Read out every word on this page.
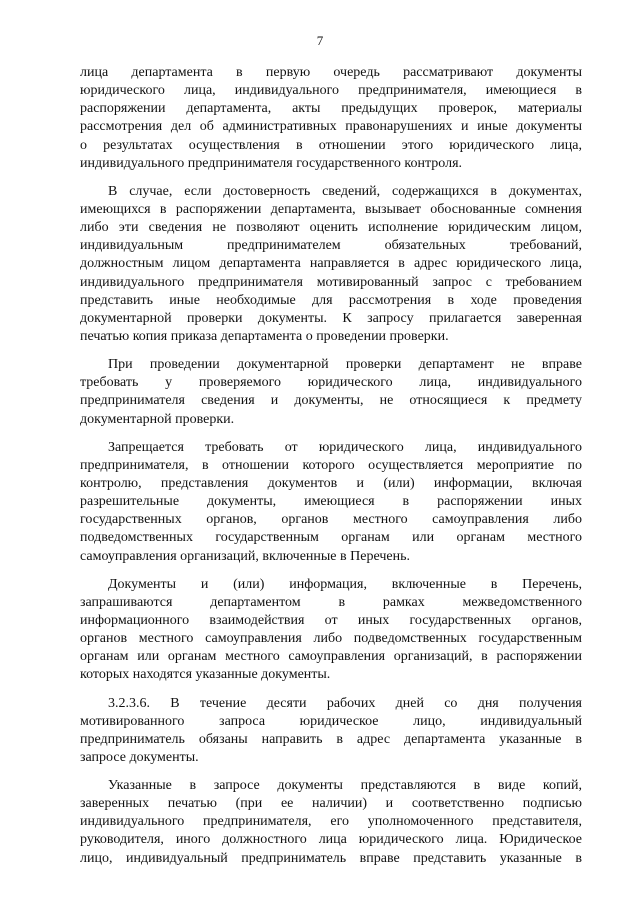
7
лица департамента в первую очередь рассматривают документы
юридического лица, индивидуального предпринимателя, имеющиеся в
распоряжении департамента, акты предыдущих проверок, материалы
рассмотрения дел об административных правонарушениях и иные документы
о результатах осуществления в отношении этого юридического лица,
индивидуального предпринимателя государственного контроля.
В случае, если достоверность сведений, содержащихся в документах,
имеющихся в распоряжении департамента, вызывает обоснованные сомнения
либо эти сведения не позволяют оценить исполнение юридическим лицом,
индивидуальным предпринимателем обязательных требований,
должностным лицом департамента направляется в адрес юридического лица,
индивидуального предпринимателя мотивированный запрос с требованием
представить иные необходимые для рассмотрения в ходе проведения
документарной проверки документы. К запросу прилагается заверенная
печатью копия приказа департамента о проведении проверки.
При проведении документарной проверки департамент не вправе
требовать у проверяемого юридического лица, индивидуального
предпринимателя сведения и документы, не относящиеся к предмету
документарной проверки.
Запрещается требовать от юридического лица, индивидуального
предпринимателя, в отношении которого осуществляется мероприятие по
контролю, представления документов и (или) информации, включая
разрешительные документы, имеющиеся в распоряжении иных
государственных органов, органов местного самоуправления либо
подведомственных государственным органам или органам местного
самоуправления организаций, включенные в Перечень.
Документы и (или) информация, включенные в Перечень,
запрашиваются департаментом в рамках межведомственного
информационного взаимодействия от иных государственных органов,
органов местного самоуправления либо подведомственных государственным
органам или органам местного самоуправления организаций, в распоряжении
которых находятся указанные документы.
3.2.3.6. В течение десяти рабочих дней со дня получения
мотивированного запроса юридическое лицо, индивидуальный
предприниматель обязаны направить в адрес департамента указанные в
запросе документы.
Указанные в запросе документы представляются в виде копий,
заверенных печатью (при ее наличии) и соответственно подписью
индивидуального предпринимателя, его уполномоченного представителя,
руководителя, иного должностного лица юридического лица. Юридическое
лицо, индивидуальный предприниматель вправе представить указанные в
